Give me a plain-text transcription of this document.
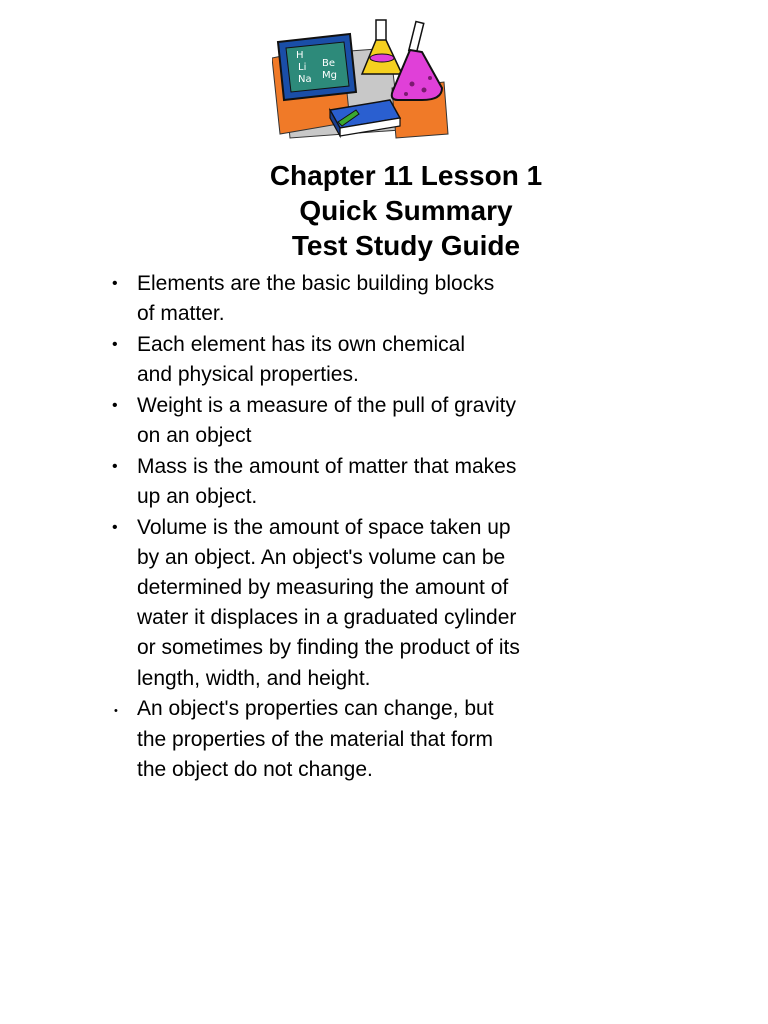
H
Li Be
Na Mg
Chapter 11 Lesson 1
Quick Summary
Test Study Guide
• Elements are the basic building blocks
of matter.
• Each element has its own chemical
and physical properties.
• Weight is a measure of the pull of gravity
on an object
• Mass is the amount of matter that makes
up an object.
• Volume is the amount of space taken up
by an object. An object's volume can be
determined by measuring the amount of
water it displaces in a graduated cylinder
or sometimes by finding the product of its
length, width, and height.
• An object's properties can change, but
the properties of the material that form
the object do not change.
